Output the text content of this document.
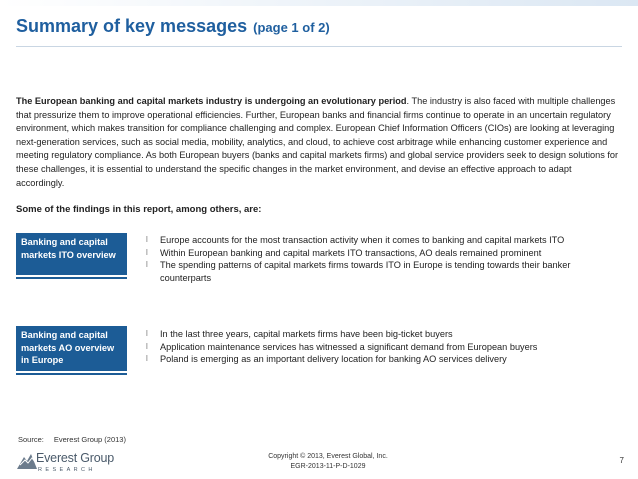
Summary of key messages (page 1 of 2)
The European banking and capital markets industry is undergoing an evolutionary period. The industry is also faced with multiple challenges that pressurize them to improve operational efficiencies. Further, European banks and financial firms continue to operate in an uncertain regulatory environment, which makes transition for compliance challenging and complex. European Chief Information Officers (CIOs) are looking at leveraging next-generation services, such as social media, mobility, analytics, and cloud, to achieve cost arbitrage while enhancing customer experience and meeting regulatory compliance. As both European buyers (banks and capital markets firms) and global service providers seek to design solutions for these challenges, it is essential to understand the specific changes in the market environment, and devise an effective approach to adapt accordingly.
Some of the findings in this report, among others, are:
Banking and capital markets ITO overview
l Europe accounts for the most transaction activity when it comes to banking and capital markets ITO
l Within European banking and capital markets ITO transactions, AO deals remained prominent
l The spending patterns of capital markets firms towards ITO in Europe is tending towards their banker counterparts
Banking and capital markets AO overview in Europe
l In the last three years, capital markets firms have been big-ticket buyers
l Application maintenance services has witnessed a significant demand from European buyers
l Poland is emerging as an important delivery location for banking AO services delivery
Source: Everest Group (2013)
Everest Group
RESEARCH
Copyright © 2013, Everest Global, Inc.
EGR-2013-11-P-D-1029
7
